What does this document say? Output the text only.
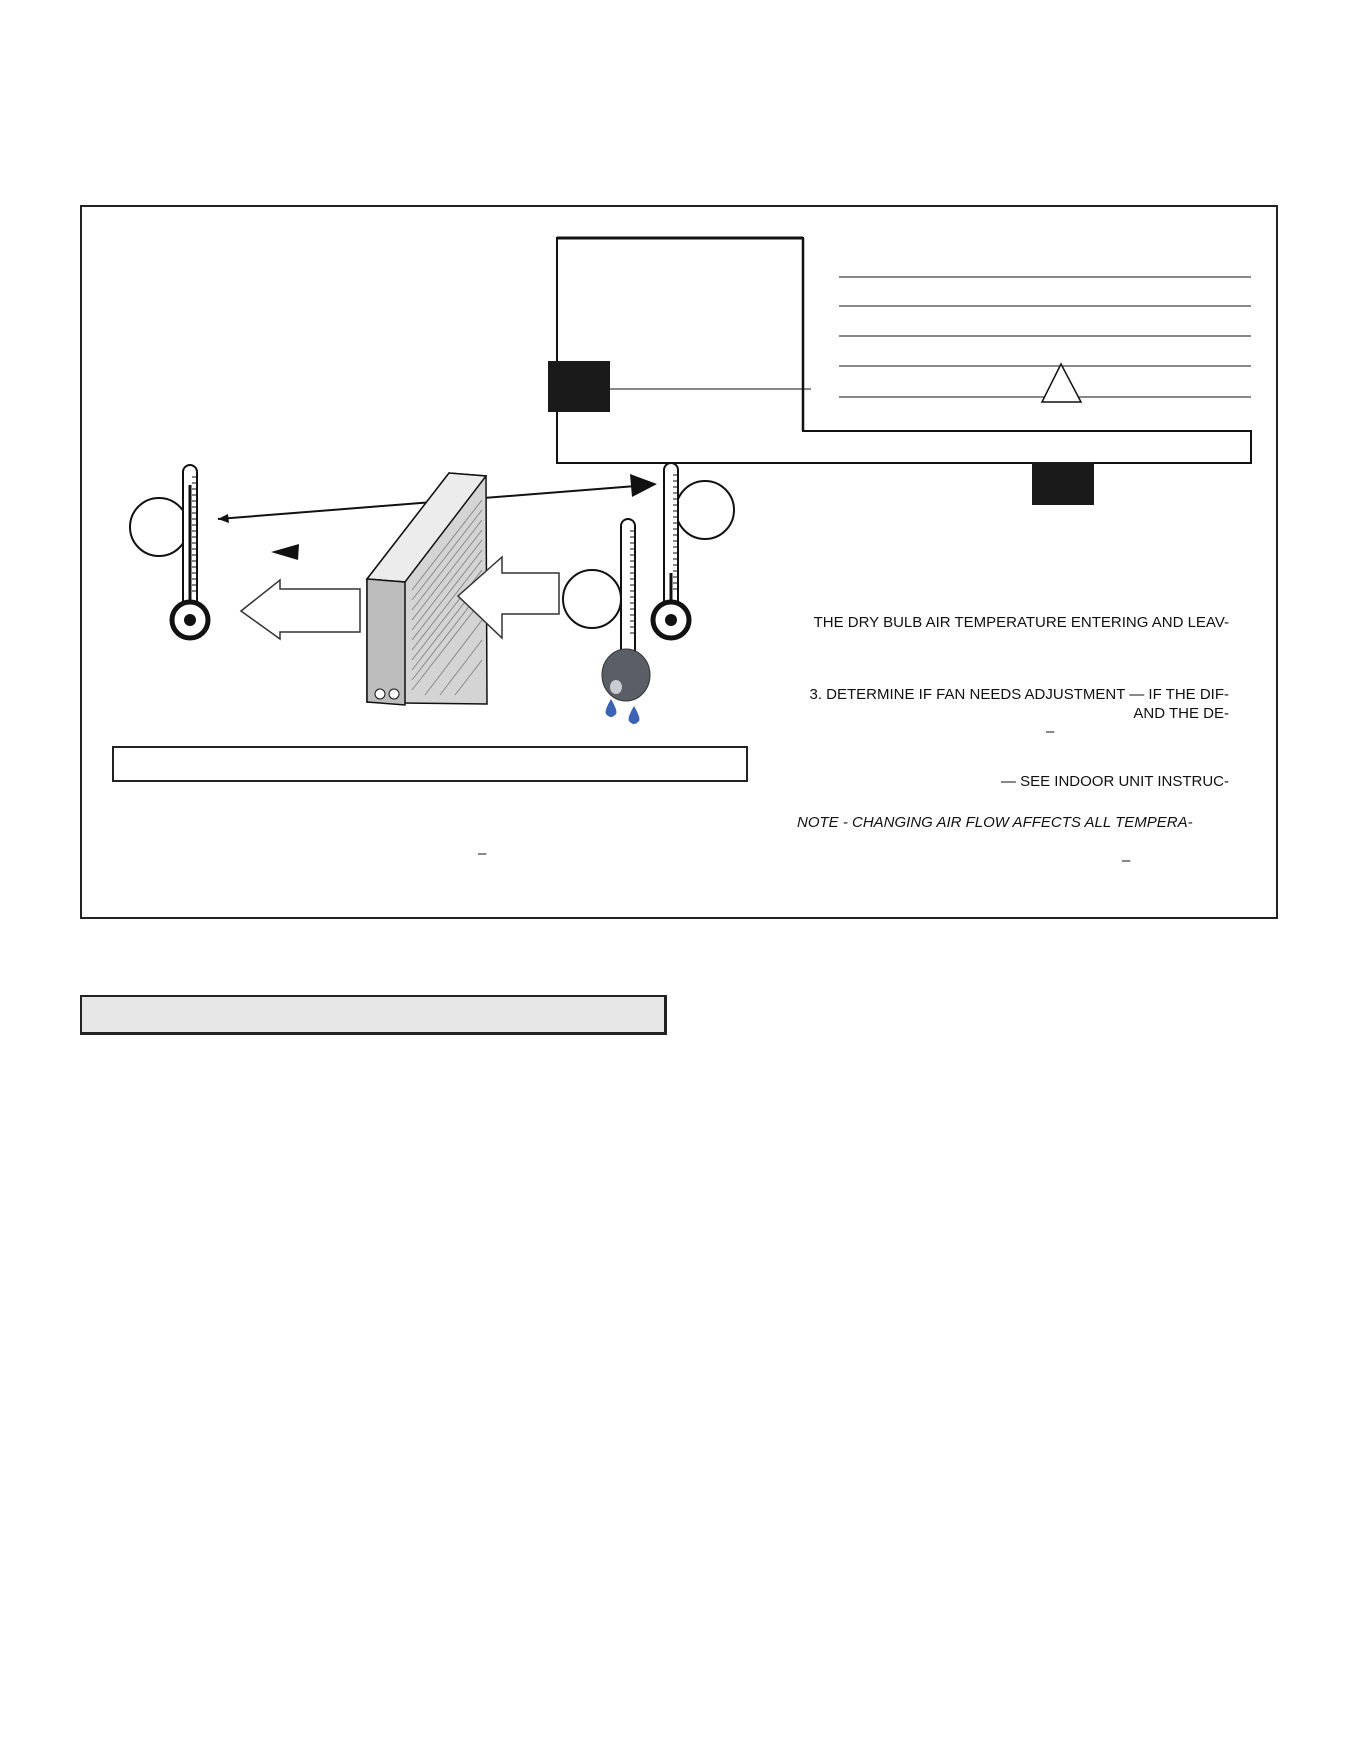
THE DRY BULB AIR TEMPERATURE ENTERING AND LEAV-
3. DETERMINE IF FAN NEEDS ADJUSTMENT — IF THE DIF-
AND THE DE-
–
— SEE INDOOR UNIT INSTRUC-
NOTE - CHANGING AIR FLOW AFFECTS ALL TEMPERA-
–
–
